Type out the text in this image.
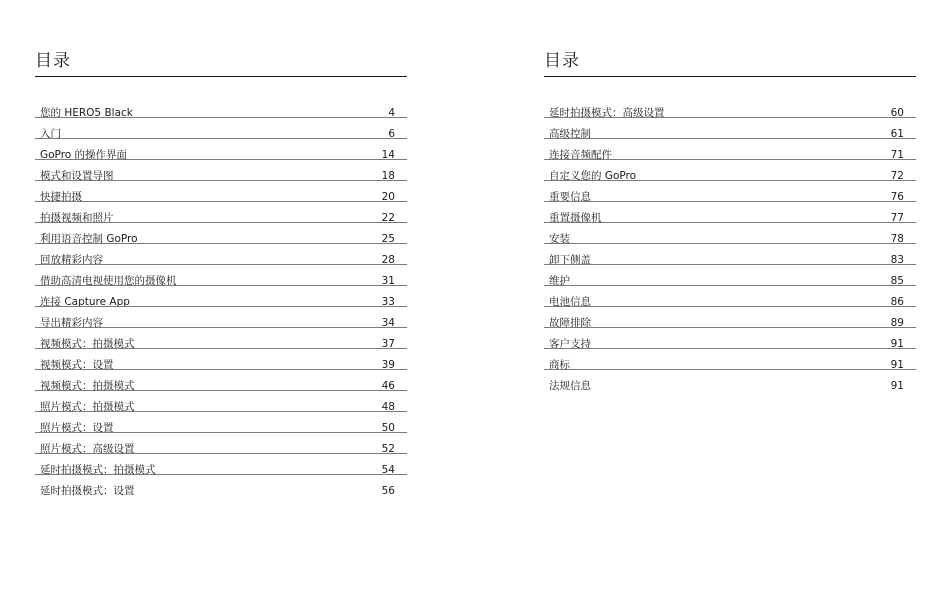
目录
您的 HERO5 Black	4
入门	6
GoPro 的操作界面	14
模式和设置导图	18
快捷拍摄	20
拍摄视频和照片	22
利用语音控制 GoPro	25
回放精彩内容	28
借助高清电视使用您的摄像机	31
连接 Capture App	33
导出精彩内容	34
视频模式：拍摄模式	37
视频模式：设置	39
视频模式：拍摄模式	46
照片模式：拍摄模式	48
照片模式：设置	50
照片模式：高级设置	52
延时拍摄模式：拍摄模式	54
延时拍摄模式：设置	56
目录
延时拍摄模式：高级设置	60
高级控制	61
连接音频配件	71
自定义您的 GoPro	72
重要信息	76
重置摄像机	77
安装	78
卸下侧盖	83
维护	85
电池信息	86
故障排除	89
客户支持	91
商标	91
法规信息	91
